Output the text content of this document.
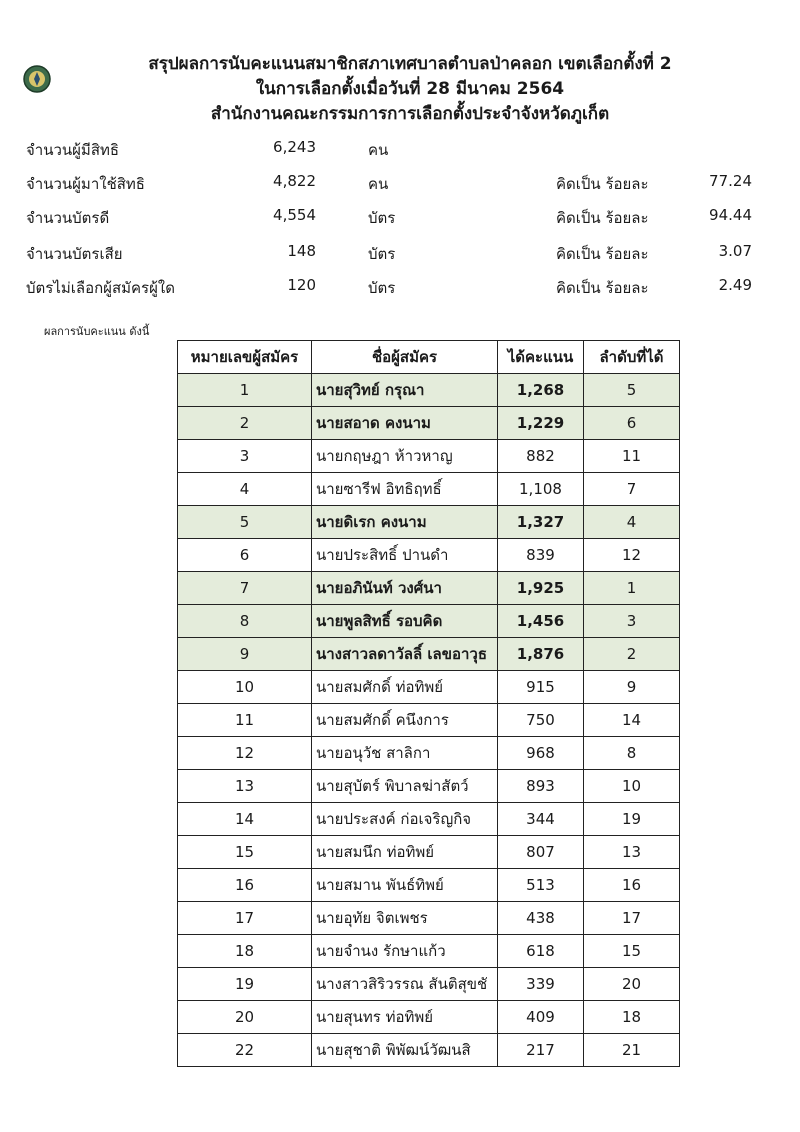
สรุปผลการนับคะแนนสมาชิกสภาเทศบาลตำบลป่าคลอก เขตเลือกตั้งที่ 2
ในการเลือกตั้งเมื่อวันที่ 28 มีนาคม 2564
สำนักงานคณะกรรมการการเลือกตั้งประจำจังหวัดภูเก็ต
จำนวนผู้มีสิทธิ	6,243	คน
จำนวนผู้มาใช้สิทธิ	4,822	คน	คิดเป็น ร้อยละ	77.24
จำนวนบัตรดี	4,554	บัตร	คิดเป็น ร้อยละ	94.44
จำนวนบัตรเสีย	148	บัตร	คิดเป็น ร้อยละ	3.07
บัตรไม่เลือกผู้สมัครผู้ใด	120	บัตร	คิดเป็น ร้อยละ	2.49
ผลการนับคะแนน ดังนี้
หมายเลขผู้สมัคร	ชื่อผู้สมัคร	ได้คะแนน	ลำดับที่ได้
1	นายสุวิทย์ กรุณา	1,268	5
2	นายสอาด คงนาม	1,229	6
3	นายกฤษฎา ห้าวหาญ	882	11
4	นายซารีฟ อิทธิฤทธิ์	1,108	7
5	นายดิเรก คงนาม	1,327	4
6	นายประสิทธิ์ ปานดำ	839	12
7	นายอภินันท์ วงศ์นา	1,925	1
8	นายพูลสิทธิ์ รอบคิด	1,456	3
9	นางสาวลดาวัลลิ์ เลขอาวุธ	1,876	2
10	นายสมศักดิ์ ท่อทิพย์	915	9
11	นายสมศักดิ์ คนึงการ	750	14
12	นายอนุวัช สาลิกา	968	8
13	นายสุบัตร์ พิบาลฆ่าสัตว์	893	10
14	นายประสงค์ ก่อเจริญกิจ	344	19
15	นายสมนึก ท่อทิพย์	807	13
16	นายสมาน พันธ์ทิพย์	513	16
17	นายอุทัย จิตเพชร	438	17
18	นายจำนง รักษาแก้ว	618	15
19	นางสาวสิริวรรณ สันติสุขชั	339	20
20	นายสุนทร ท่อทิพย์	409	18
22	นายสุชาติ พิพัฒน์วัฒนสิ	217	21
